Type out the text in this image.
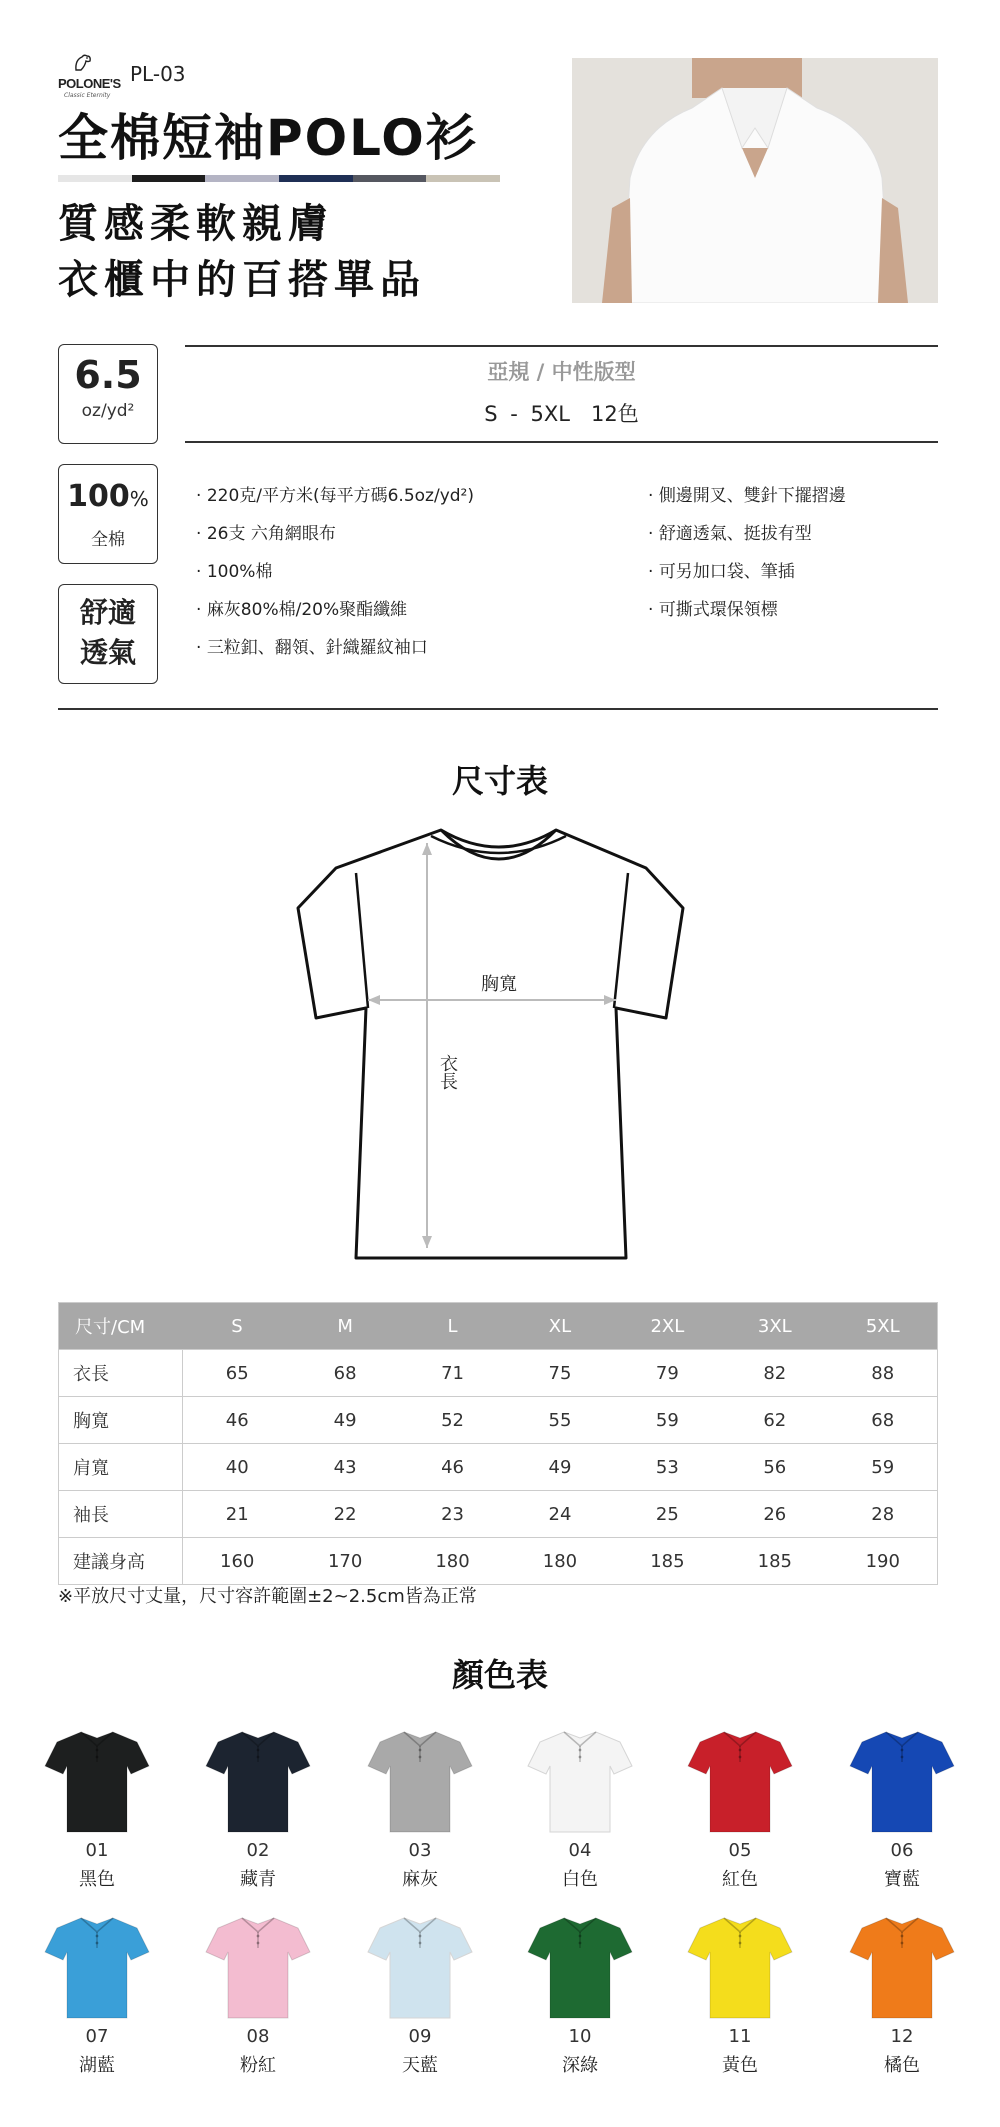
POLONE'S
Classic Eternity
PL-03
全棉短袖POLO衫
質感柔軟親膚
衣櫃中的百搭單品
6.5
oz/yd²
100%
全棉
舒適
透氣
亞規 / 中性版型
S - 5XL　12色
· 220克/平方米(每平方碼6.5oz/yd²)
· 26支 六角網眼布
· 100%棉
· 麻灰80%棉/20%聚酯纖維
· 三粒釦、翻領、針織羅紋袖口
· 側邊開叉、雙針下擺摺邊
· 舒適透氣、挺拔有型
· 可另加口袋、筆插
· 可撕式環保領標
尺寸表
胸寬
衣長
尺寸/CM	S	M	L	XL	2XL	3XL	5XL
衣長	65	68	71	75	79	82	88
胸寬	46	49	52	55	59	62	68
肩寬	40	43	46	49	53	56	59
袖長	21	22	23	24	25	26	28
建議身高	160	170	180	180	185	185	190
※平放尺寸丈量，尺寸容許範圍±2~2.5cm皆為正常
顏色表
01
黑色
02
藏青
03
麻灰
04
白色
05
紅色
06
寶藍
07
湖藍
08
粉紅
09
天藍
10
深綠
11
黃色
12
橘色
